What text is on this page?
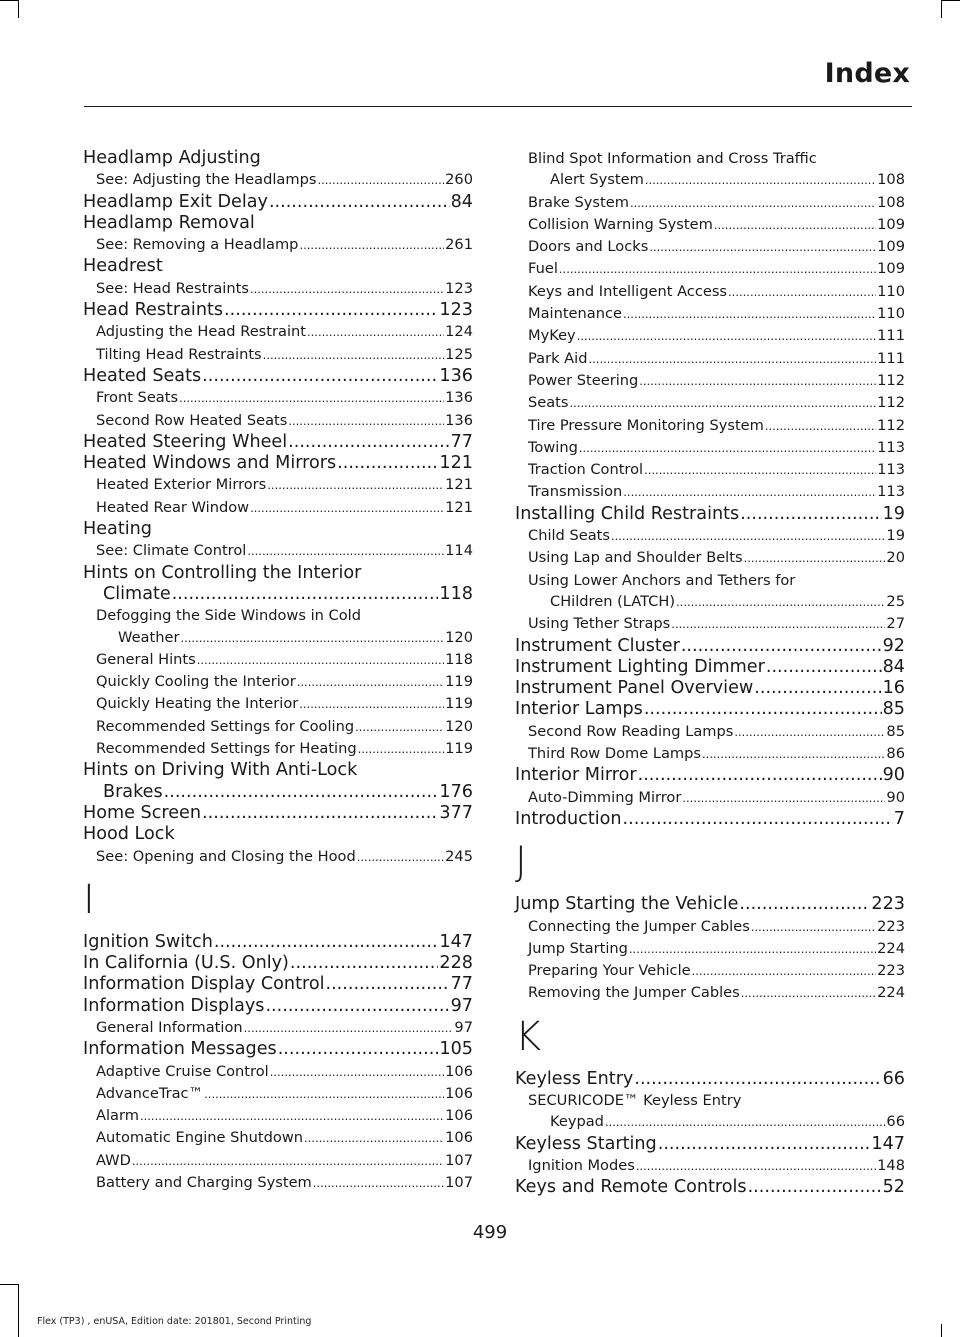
Index
Headlamp Adjusting
See: Adjusting the Headlamps .....	260
Headlamp Exit Delay .....	84
Headlamp Removal
See: Removing a Headlamp .....	261
Headrest
See: Head Restraints .....	123
Head Restraints .....	123
Adjusting the Head Restraint .....	124
Tilting Head Restraints .....	125
Heated Seats .....	136
Front Seats .....	136
Second Row Heated Seats .....	136
Heated Steering Wheel .....	77
Heated Windows and Mirrors .....	121
Heated Exterior Mirrors .....	121
Heated Rear Window .....	121
Heating
See: Climate Control .....	114
Hints on Controlling the Interior
Climate .....	118
Defogging the Side Windows in Cold
Weather .....	120
General Hints .....	118
Quickly Cooling the Interior .....	119
Quickly Heating the Interior .....	119
Recommended Settings for Cooling .....	120
Recommended Settings for Heating .....	119
Hints on Driving With Anti-Lock
Brakes .....	176
Home Screen .....	377
Hood Lock
See: Opening and Closing the Hood .....	245
I
Ignition Switch .....	147
In California (U.S. Only) .....	228
Information Display Control .....	77
Information Displays .....	97
General Information .....	97
Information Messages .....	105
Adaptive Cruise Control .....	106
AdvanceTrac™ .....	106
Alarm .....	106
Automatic Engine Shutdown .....	106
AWD .....	107
Battery and Charging System .....	107
Blind Spot Information and Cross Traffic
Alert System .....	108
Brake System .....	108
Collision Warning System .....	109
Doors and Locks .....	109
Fuel .....	109
Keys and Intelligent Access .....	110
Maintenance .....	110
MyKey .....	111
Park Aid .....	111
Power Steering .....	112
Seats .....	112
Tire Pressure Monitoring System .....	112
Towing .....	113
Traction Control .....	113
Transmission .....	113
Installing Child Restraints .....	19
Child Seats .....	19
Using Lap and Shoulder Belts .....	20
Using Lower Anchors and Tethers for
CHildren (LATCH) .....	25
Using Tether Straps .....	27
Instrument Cluster .....	92
Instrument Lighting Dimmer .....	84
Instrument Panel Overview .....	16
Interior Lamps .....	85
Second Row Reading Lamps .....	85
Third Row Dome Lamps .....	86
Interior Mirror .....	90
Auto-Dimming Mirror .....	90
Introduction .....	7
J
Jump Starting the Vehicle .....	223
Connecting the Jumper Cables .....	223
Jump Starting .....	224
Preparing Your Vehicle .....	223
Removing the Jumper Cables .....	224
K
Keyless Entry .....	66
SECURICODE™ Keyless Entry
Keypad .....	66
Keyless Starting .....	147
Ignition Modes .....	148
Keys and Remote Controls .....	52
499
Flex (TP3) , enUSA, Edition date: 201801, Second Printing
